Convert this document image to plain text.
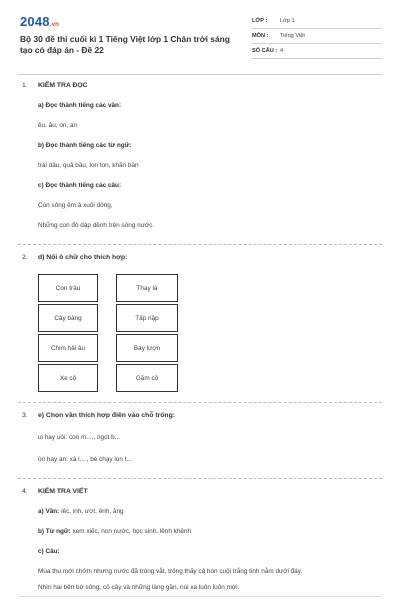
2048.vn
Bộ 30 đề thi cuối kì 1 Tiếng Việt lớp 1 Chân trời sáng tạo có đáp án - Đề 22
LỚP :	Lớp 1
MÔN :	Tiếng Việt
SỐ CÂU : 4
1.	KIỂM TRA ĐỌC
a) Đọc thành tiếng các vần:
êu, âu, on, an
b) Đọc thành tiếng các từ ngữ:
trái dâu, quả bầu, lon ton, khăn bàn
c) Đọc thành tiếng các câu:
Con sông êm ả xuôi dòng,
Những con đò dập dềnh trên sóng nước.
2.	d) Nối ô chữ cho thích hợp:
Con trâu	Thay lá
Cây bàng	Tấp nập
Chim hải âu	Bay lượn
Xe cộ	Gặm cỏ
3.	e) Chọn vần thích hợp điền vào chỗ trống:
ui hay uôi: con m...., ngọt b...
on hay an: xà l... , bé chạy lon t...
4.	KIỂM TRA VIẾT
a) Vần: iêc, inh, ươt, ênh, ăng
b) Từ ngữ: xem xiếc, non nước, học sinh, lênh khênh
c) Câu:
Mùa thu mới chớm nhưng nước đã trong vắt, trông thấy cả hòn cuội trắng tinh nằm dưới đáy.
Nhìn hai bên bờ sông, cỏ cây và những làng gần, núi xa luôn luôn mới.
